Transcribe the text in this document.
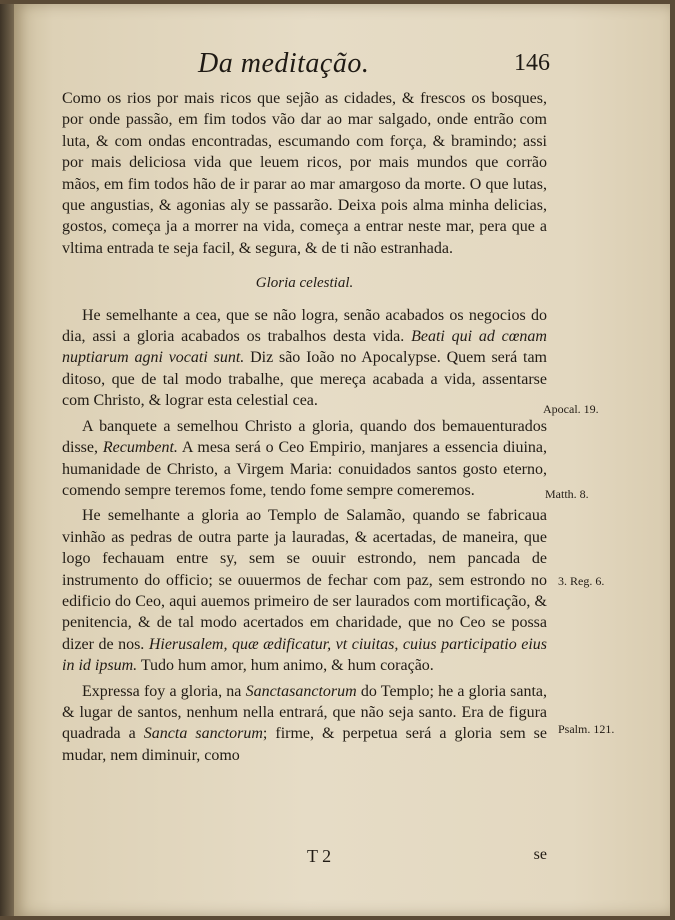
Da meditação.	146

Como os rios por mais ricos que sejão as cidades, & frescos os bosques, por onde passão, em fim todos vão dar ao mar salgado, onde entrão com luta, & com ondas encontradas, escumando com força, & bramindo; assi por mais deliciosa vida que leuem ricos, por mais mundos que corrão mãos, em fim todos hão de ir parar ao mar amargoso da morte. O que lutas, que angustias, & agonias aly se passarão. Deixa pois alma minha delicias, gostos, começa ja a morrer na vida, começa a entrar neste mar, pera que a vltima entrada te seja facil, & segura, & de ti não estranhada.

Gloria celestial.

He semelhante a cea, que se não logra, senão acabados os negocios do dia, assi a gloria acabados os trabalhos desta vida. Beati qui ad cœnam nuptiarum agni vocati sunt. Diz são Ioão no Apocalypse. Quem será tam ditoso, que de tal modo trabalhe, que mereça acabada a vida, assentarse com Christo, & lograr esta celestial cea.

A banquete a semelhou Christo a gloria, quando dos bemauenturados disse, Recumbent. A mesa será o Ceo Empirio, manjares a essencia diuina, humanidade de Christo, a Virgem Maria: conuidados santos gosto eterno, comendo sempre teremos fome, tendo fome sempre comeremos.

He semelhante a gloria ao Templo de Salamão, quando se fabricaua vinhão as pedras de outra parte ja lauradas, & acertadas, de maneira, que logo fechauam entre sy, sem se ouuir estrondo, nem pancada de instrumento do officio; se ouuermos de fechar com paz, sem estrondo no edificio do Ceo, aqui auemos primeiro de ser laurados com mortificação, & penitencia, & de tal modo acertados em charidade, que no Ceo se possa dizer de nos. Hierusalem, quæ ædificatur, vt ciuitas, cuius participatio eius in id ipsum. Tudo hum amor, hum animo, & hum coração.

Expressa foy a gloria, na Sanctasanctorum do Templo; he a gloria santa, & lugar de santos, nenhum nella entrará, que não seja santo. Era de figura quadrada a Sancta sanctorum; firme, & perpetua será a gloria sem se mudar, nem diminuir, como

Apocal. 19.
Matth. 8.
3. Reg. 6.
Psalm. 121.
T 2	se
